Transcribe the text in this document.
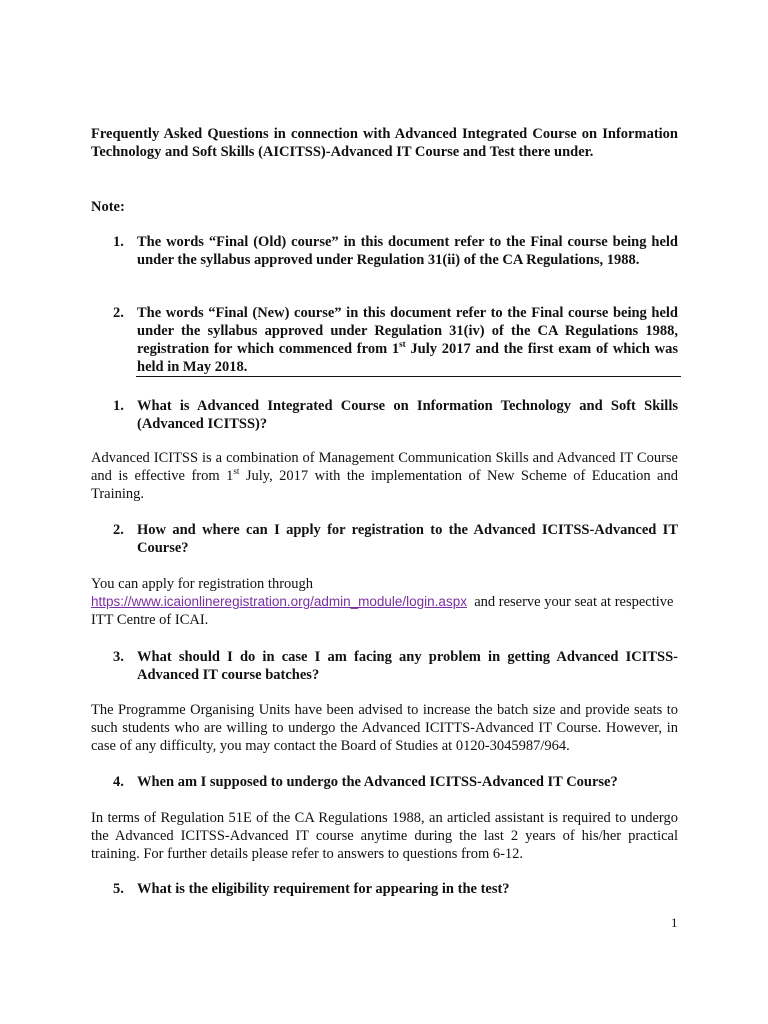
Frequently Asked Questions in connection with Advanced Integrated Course on Information Technology and Soft Skills (AICITSS)-Advanced IT Course and Test there under.
Note:
1. The words “Final (Old) course” in this document refer to the Final course being held under the syllabus approved under Regulation 31(ii) of the CA Regulations, 1988.
2. The words “Final (New) course” in this document refer to the Final course being held under the syllabus approved under Regulation 31(iv) of the CA Regulations 1988, registration for which commenced from 1st July 2017 and the first exam of which was held in May 2018.
1. What is Advanced Integrated Course on Information Technology and Soft Skills (Advanced ICITSS)?
Advanced ICITSS is a combination of Management Communication Skills and Advanced IT Course and is effective from 1st July, 2017 with the implementation of New Scheme of Education and Training.
2. How and where can I apply for registration to the Advanced ICITSS-Advanced IT Course?
You can apply for registration through
https://www.icaionlineregistration.org/admin_module/login.aspx and reserve your seat at respective ITT Centre of ICAI.
3. What should I do in case I am facing any problem in getting Advanced ICITSS-Advanced IT course batches?
The Programme Organising Units have been advised to increase the batch size and provide seats to such students who are willing to undergo the Advanced ICITTS-Advanced IT Course. However, in case of any difficulty, you may contact the Board of Studies at 0120-3045987/964.
4. When am I supposed to undergo the Advanced ICITSS-Advanced IT Course?
In terms of Regulation 51E of the CA Regulations 1988, an articled assistant is required to undergo the Advanced ICITSS-Advanced IT course anytime during the last 2 years of his/her practical training. For further details please refer to answers to questions from 6-12.
5. What is the eligibility requirement for appearing in the test?
1
